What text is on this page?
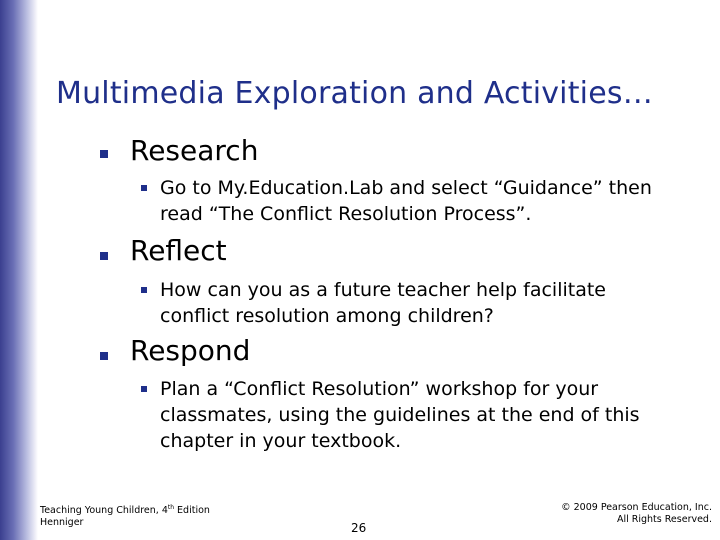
Multimedia Exploration and Activities…
Research
Go to My.Education.Lab and select “Guidance” then read “The Conflict Resolution Process”.
Reflect
How can you as a future teacher help facilitate conflict resolution among children?
Respond
Plan a “Conflict Resolution” workshop for your classmates, using the guidelines at the end of this chapter in your textbook.
Teaching Young Children, 4th Edition
Henniger	26
© 2009 Pearson Education, Inc.
All Rights Reserved.
